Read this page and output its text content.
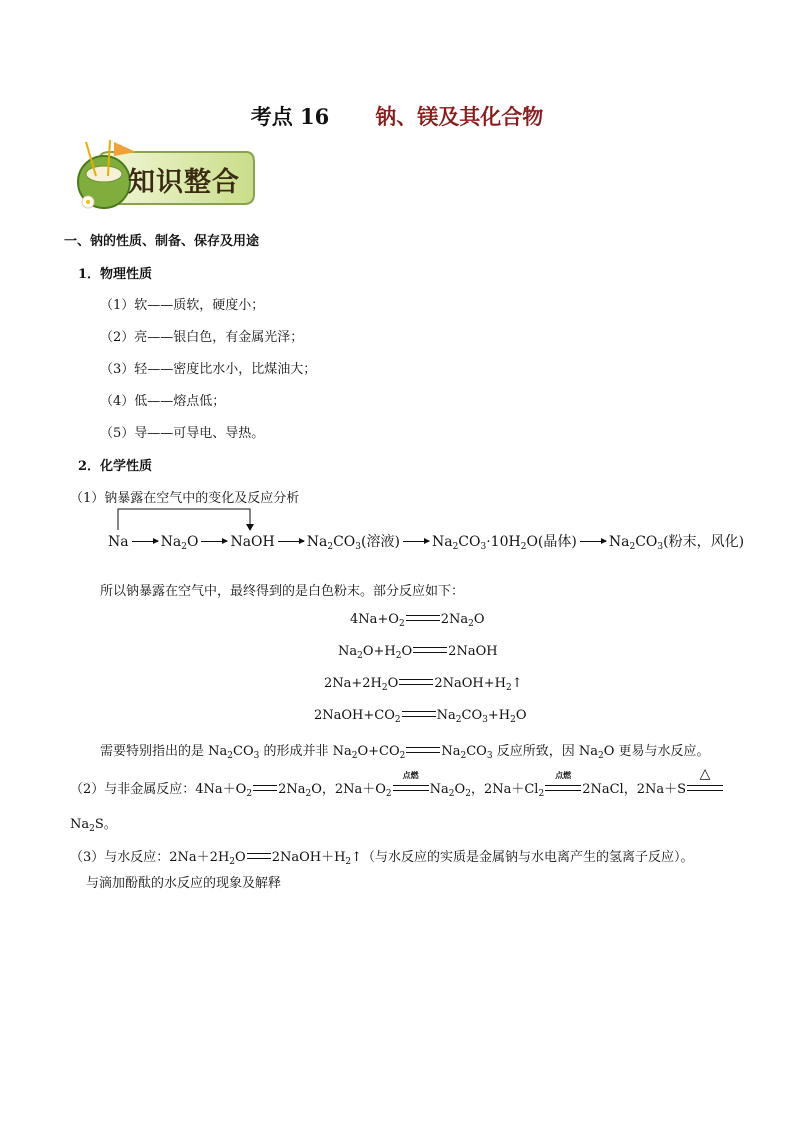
考点 16 钠、镁及其化合物
知识整合
一、钠的性质、制备、保存及用途
1．物理性质
（1）软——质软，硬度小；
（2）亮——银白色，有金属光泽；
（3）轻——密度比水小，比煤油大；
（4）低——熔点低；
（5）导——可导电、导热。
2．化学性质
（1）钠暴露在空气中的变化及反应分析
Na $Na_2O$ NaOH $Na_2CO_3$(溶液) $Na_2CO_3\cdot 10H_2O$(晶体) $Na_2CO_3$(粉末，风化)
所以钠暴露在空气中，最终得到的是白色粉末。部分反应如下：
$4Na+O_2$	$2Na_2O$
$Na_2O+H_2O$	2NaOH
$2Na+2H_2O$	$2NaOH+H_2↑$
$2NaOH+CO_2$	$Na_2CO_3+H_2O$
需要特别指出的是 $Na_2CO_3$ 的形成并非 $Na_2O+CO_2$	$Na_2CO_3$ 反应所致，因 $Na_2O$ 更易与水反应。
（2）与非金属反应：$4Na+O_2$ $2Na_2O$，$2Na+O_2$
点燃
$Na_2O_2$，$2Na+Cl_2$
点燃
2NaCl，2Na＋S
△
$Na_2S$。
（3）与水反应：$2Na+2H_2O$ $2NaOH+H_2↑$（与水反应的实质是金属钠与水电离产生的氢离子反应）。
与滴加酚酞的水反应的现象及解释
